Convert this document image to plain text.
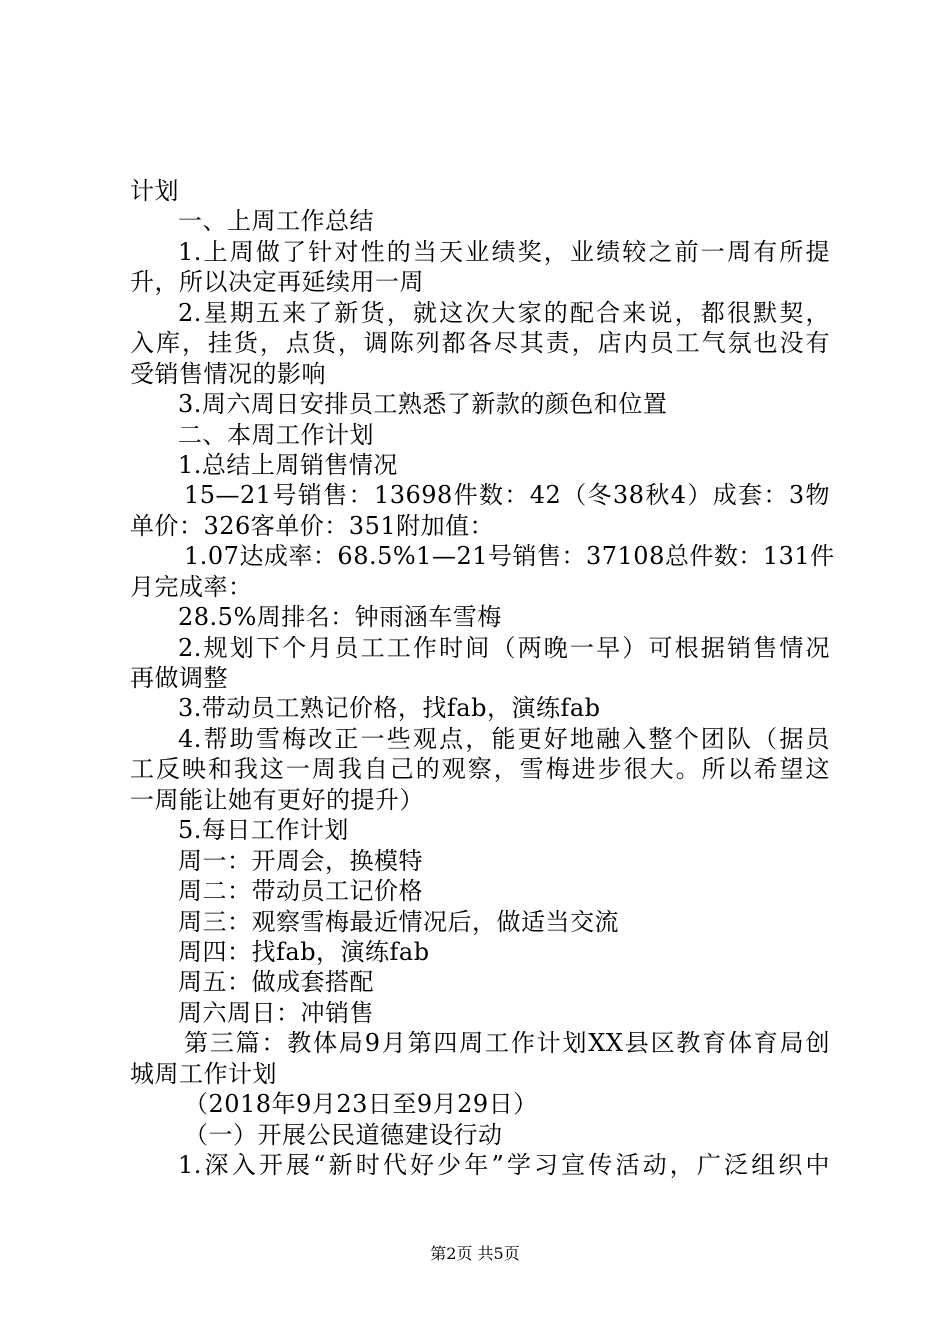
计划
一、上周工作总结
1.上周做了针对性的当天业绩奖，业绩较之前一周有所提
升，所以决定再延续用一周
2.星期五来了新货，就这次大家的配合来说，都很默契，
入库，挂货，点货，调陈列都各尽其责，店内员工气氛也没有
受销售情况的影响
3.周六周日安排员工熟悉了新款的颜色和位置
二、本周工作计划
1.总结上周销售情况
15—21号销售：13698件数：42（冬38秋4）成套：3物
单价：326客单价：351附加值：
1.07达成率：68.5%1—21号销售：37108总件数：131件
月完成率：
28.5%周排名：钟雨涵车雪梅
2.规划下个月员工工作时间（两晚一早）可根据销售情况
再做调整
3.带动员工熟记价格，找fab，演练fab
4.帮助雪梅改正一些观点，能更好地融入整个团队（据员
工反映和我这一周我自己的观察，雪梅进步很大。所以希望这
一周能让她有更好的提升）
5.每日工作计划
周一：开周会，换模特
周二：带动员工记价格
周三：观察雪梅最近情况后，做适当交流
周四：找fab，演练fab
周五：做成套搭配
周六周日：冲销售
第三篇：教体局9月第四周工作计划XX县区教育体育局创
城周工作计划
（2018年9月23日至9月29日）
（一）开展公民道德建设行动
1.深入开展“新时代好少年”学习宣传活动，广泛组织中
第2页 共5页
